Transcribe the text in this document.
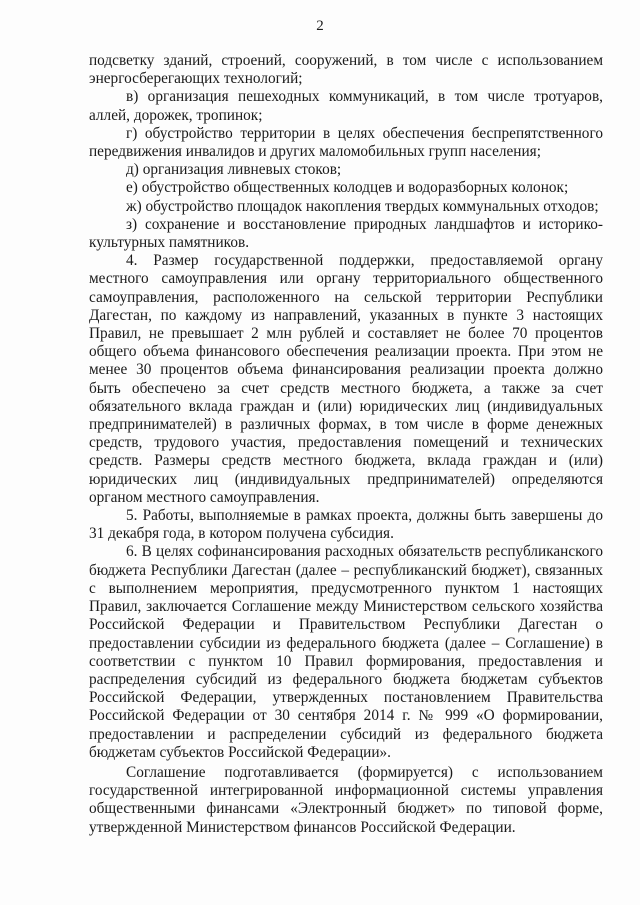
2

подсветку зданий, строений, сооружений, в том числе с использованием энергосберегающих технологий;

в) организация пешеходных коммуникаций, в том числе тротуаров, аллей, дорожек, тропинок;

г) обустройство территории в целях обеспечения беспрепятственного передвижения инвалидов и других маломобильных групп населения;

д) организация ливневых стоков;

е) обустройство общественных колодцев и водоразборных колонок;

ж) обустройство площадок накопления твердых коммунальных отходов;

з) сохранение и восстановление природных ландшафтов и историко-культурных памятников.

4. Размер государственной поддержки, предоставляемой органу местного самоуправления или органу территориального общественного самоуправления, расположенного на сельской территории Республики Дагестан, по каждому из направлений, указанных в пункте 3 настоящих Правил, не превышает 2 млн рублей и составляет не более 70 процентов общего объема финансового обеспечения реализации проекта. При этом не менее 30 процентов объема финансирования реализации проекта должно быть обеспечено за счет средств местного бюджета, а также за счет обязательного вклада граждан и (или) юридических лиц (индивидуальных предпринимателей) в различных формах, в том числе в форме денежных средств, трудового участия, предоставления помещений и технических средств. Размеры средств местного бюджета, вклада граждан и (или) юридических лиц (индивидуальных предпринимателей) определяются органом местного самоуправления.

5. Работы, выполняемые в рамках проекта, должны быть завершены до 31 декабря года, в котором получена субсидия.

6. В целях софинансирования расходных обязательств республиканского бюджета Республики Дагестан (далее – республиканский бюджет), связанных с выполнением мероприятия, предусмотренного пунктом 1 настоящих Правил, заключается Соглашение между Министерством сельского хозяйства Российской Федерации и Правительством Республики Дагестан о предоставлении субсидии из федерального бюджета (далее – Соглашение) в соответствии с пунктом 10 Правил формирования, предоставления и распределения субсидий из федерального бюджета бюджетам субъектов Российской Федерации, утвержденных постановлением Правительства Российской Федерации от 30 сентября 2014 г. № 999 «О формировании, предоставлении и распределении субсидий из федерального бюджета бюджетам субъектов Российской Федерации».

Соглашение подготавливается (формируется) с использованием государственной интегрированной информационной системы управления общественными финансами «Электронный бюджет» по типовой форме, утвержденной Министерством финансов Российской Федерации.
